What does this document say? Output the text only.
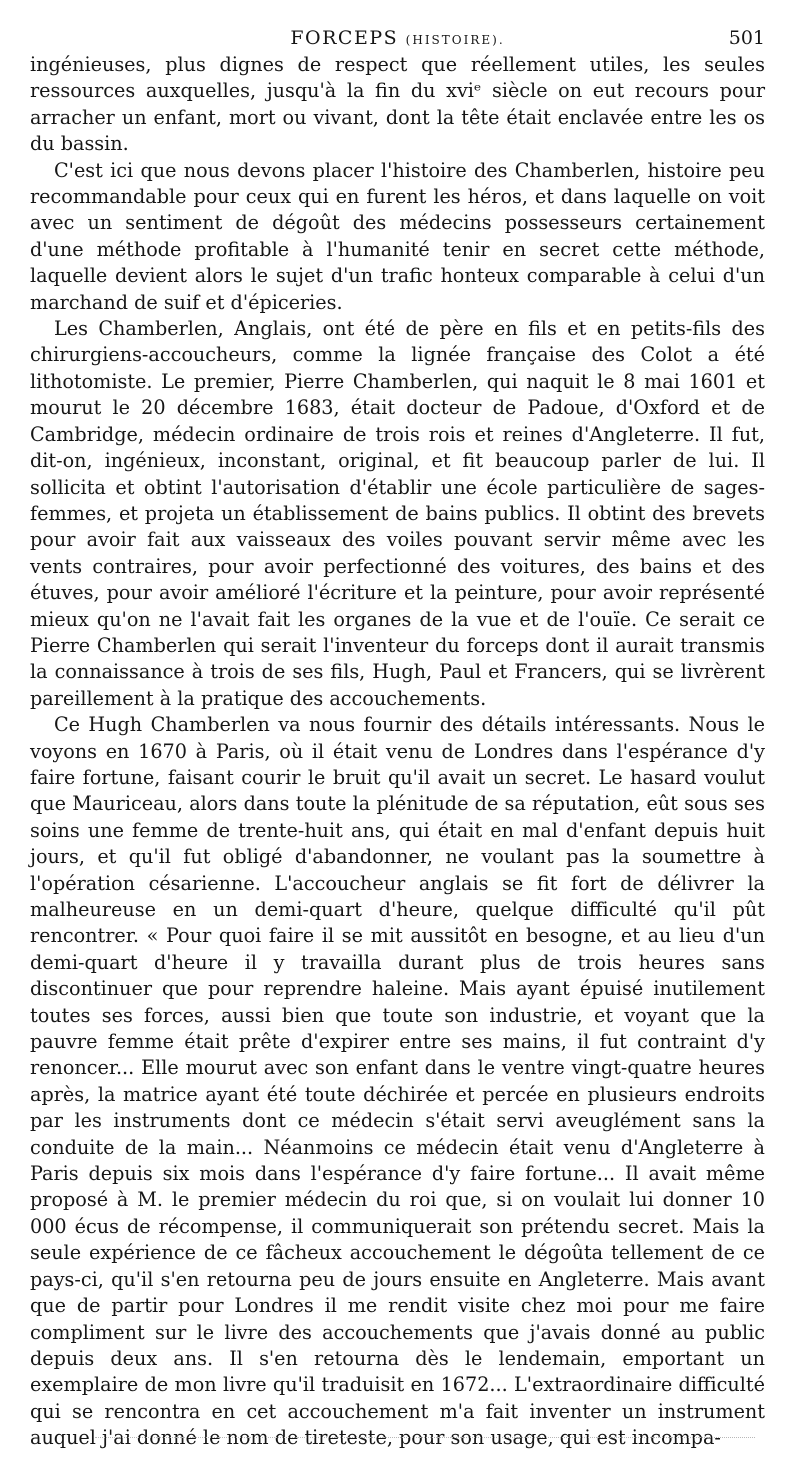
FORCEPS (HISTOIRE).	501

ingénieuses, plus dignes de respect que réellement utiles, les seules ressources auxquelles, jusqu'à la fin du xviᵉ siècle on eut recours pour arracher un enfant, mort ou vivant, dont la tête était enclavée entre les os du bassin.

C'est ici que nous devons placer l'histoire des Chamberlen, histoire peu recommandable pour ceux qui en furent les héros, et dans laquelle on voit avec un sentiment de dégoût des médecins possesseurs certainement d'une méthode profitable à l'humanité tenir en secret cette méthode, laquelle devient alors le sujet d'un trafic honteux comparable à celui d'un marchand de suif et d'épiceries.

Les Chamberlen, Anglais, ont été de père en fils et en petits-fils des chirurgiens-accoucheurs, comme la lignée française des Colot a été lithotomiste. Le premier, Pierre Chamberlen, qui naquit le 8 mai 1601 et mourut le 20 décembre 1683, était docteur de Padoue, d'Oxford et de Cambridge, médecin ordinaire de trois rois et reines d'Angleterre. Il fut, dit-on, ingénieux, inconstant, original, et fit beaucoup parler de lui. Il sollicita et obtint l'autorisation d'établir une école particulière de sages-femmes, et projeta un établissement de bains publics. Il obtint des brevets pour avoir fait aux vaisseaux des voiles pouvant servir même avec les vents contraires, pour avoir perfectionné des voitures, des bains et des étuves, pour avoir amélioré l'écriture et la peinture, pour avoir représenté mieux qu'on ne l'avait fait les organes de la vue et de l'ouïe. Ce serait ce Pierre Chamberlen qui serait l'inventeur du forceps dont il aurait transmis la connaissance à trois de ses fils, Hugh, Paul et Francers, qui se livrèrent pareillement à la pratique des accouchements.

Ce Hugh Chamberlen va nous fournir des détails intéressants. Nous le voyons en 1670 à Paris, où il était venu de Londres dans l'espérance d'y faire fortune, faisant courir le bruit qu'il avait un secret. Le hasard voulut que Mauriceau, alors dans toute la plénitude de sa réputation, eût sous ses soins une femme de trente-huit ans, qui était en mal d'enfant depuis huit jours, et qu'il fut obligé d'abandonner, ne voulant pas la soumettre à l'opération césarienne. L'accoucheur anglais se fit fort de délivrer la malheureuse en un demi-quart d'heure, quelque difficulté qu'il pût rencontrer. « Pour quoi faire il se mit aussitôt en besogne, et au lieu d'un demi-quart d'heure il y travailla durant plus de trois heures sans discontinuer que pour reprendre haleine. Mais ayant épuisé inutilement toutes ses forces, aussi bien que toute son industrie, et voyant que la pauvre femme était prête d'expirer entre ses mains, il fut contraint d'y renoncer... Elle mourut avec son enfant dans le ventre vingt-quatre heures après, la matrice ayant été toute déchirée et percée en plusieurs endroits par les instruments dont ce médecin s'était servi aveuglément sans la conduite de la main... Néanmoins ce médecin était venu d'Angleterre à Paris depuis six mois dans l'espérance d'y faire fortune... Il avait même proposé à M. le premier médecin du roi que, si on voulait lui donner 10 000 écus de récompense, il communiquerait son prétendu secret. Mais la seule expérience de ce fâcheux accouchement le dégoûta tellement de ce pays-ci, qu'il s'en retourna peu de jours ensuite en Angleterre. Mais avant que de partir pour Londres il me rendit visite chez moi pour me faire compliment sur le livre des accouchements que j'avais donné au public depuis deux ans. Il s'en retourna dès le lendemain, emportant un exemplaire de mon livre qu'il traduisit en 1672... L'extraordinaire difficulté qui se rencontra en cet accouchement m'a fait inventer un instrument auquel j'ai donné le nom de tireteste, pour son usage, qui est incompa-
